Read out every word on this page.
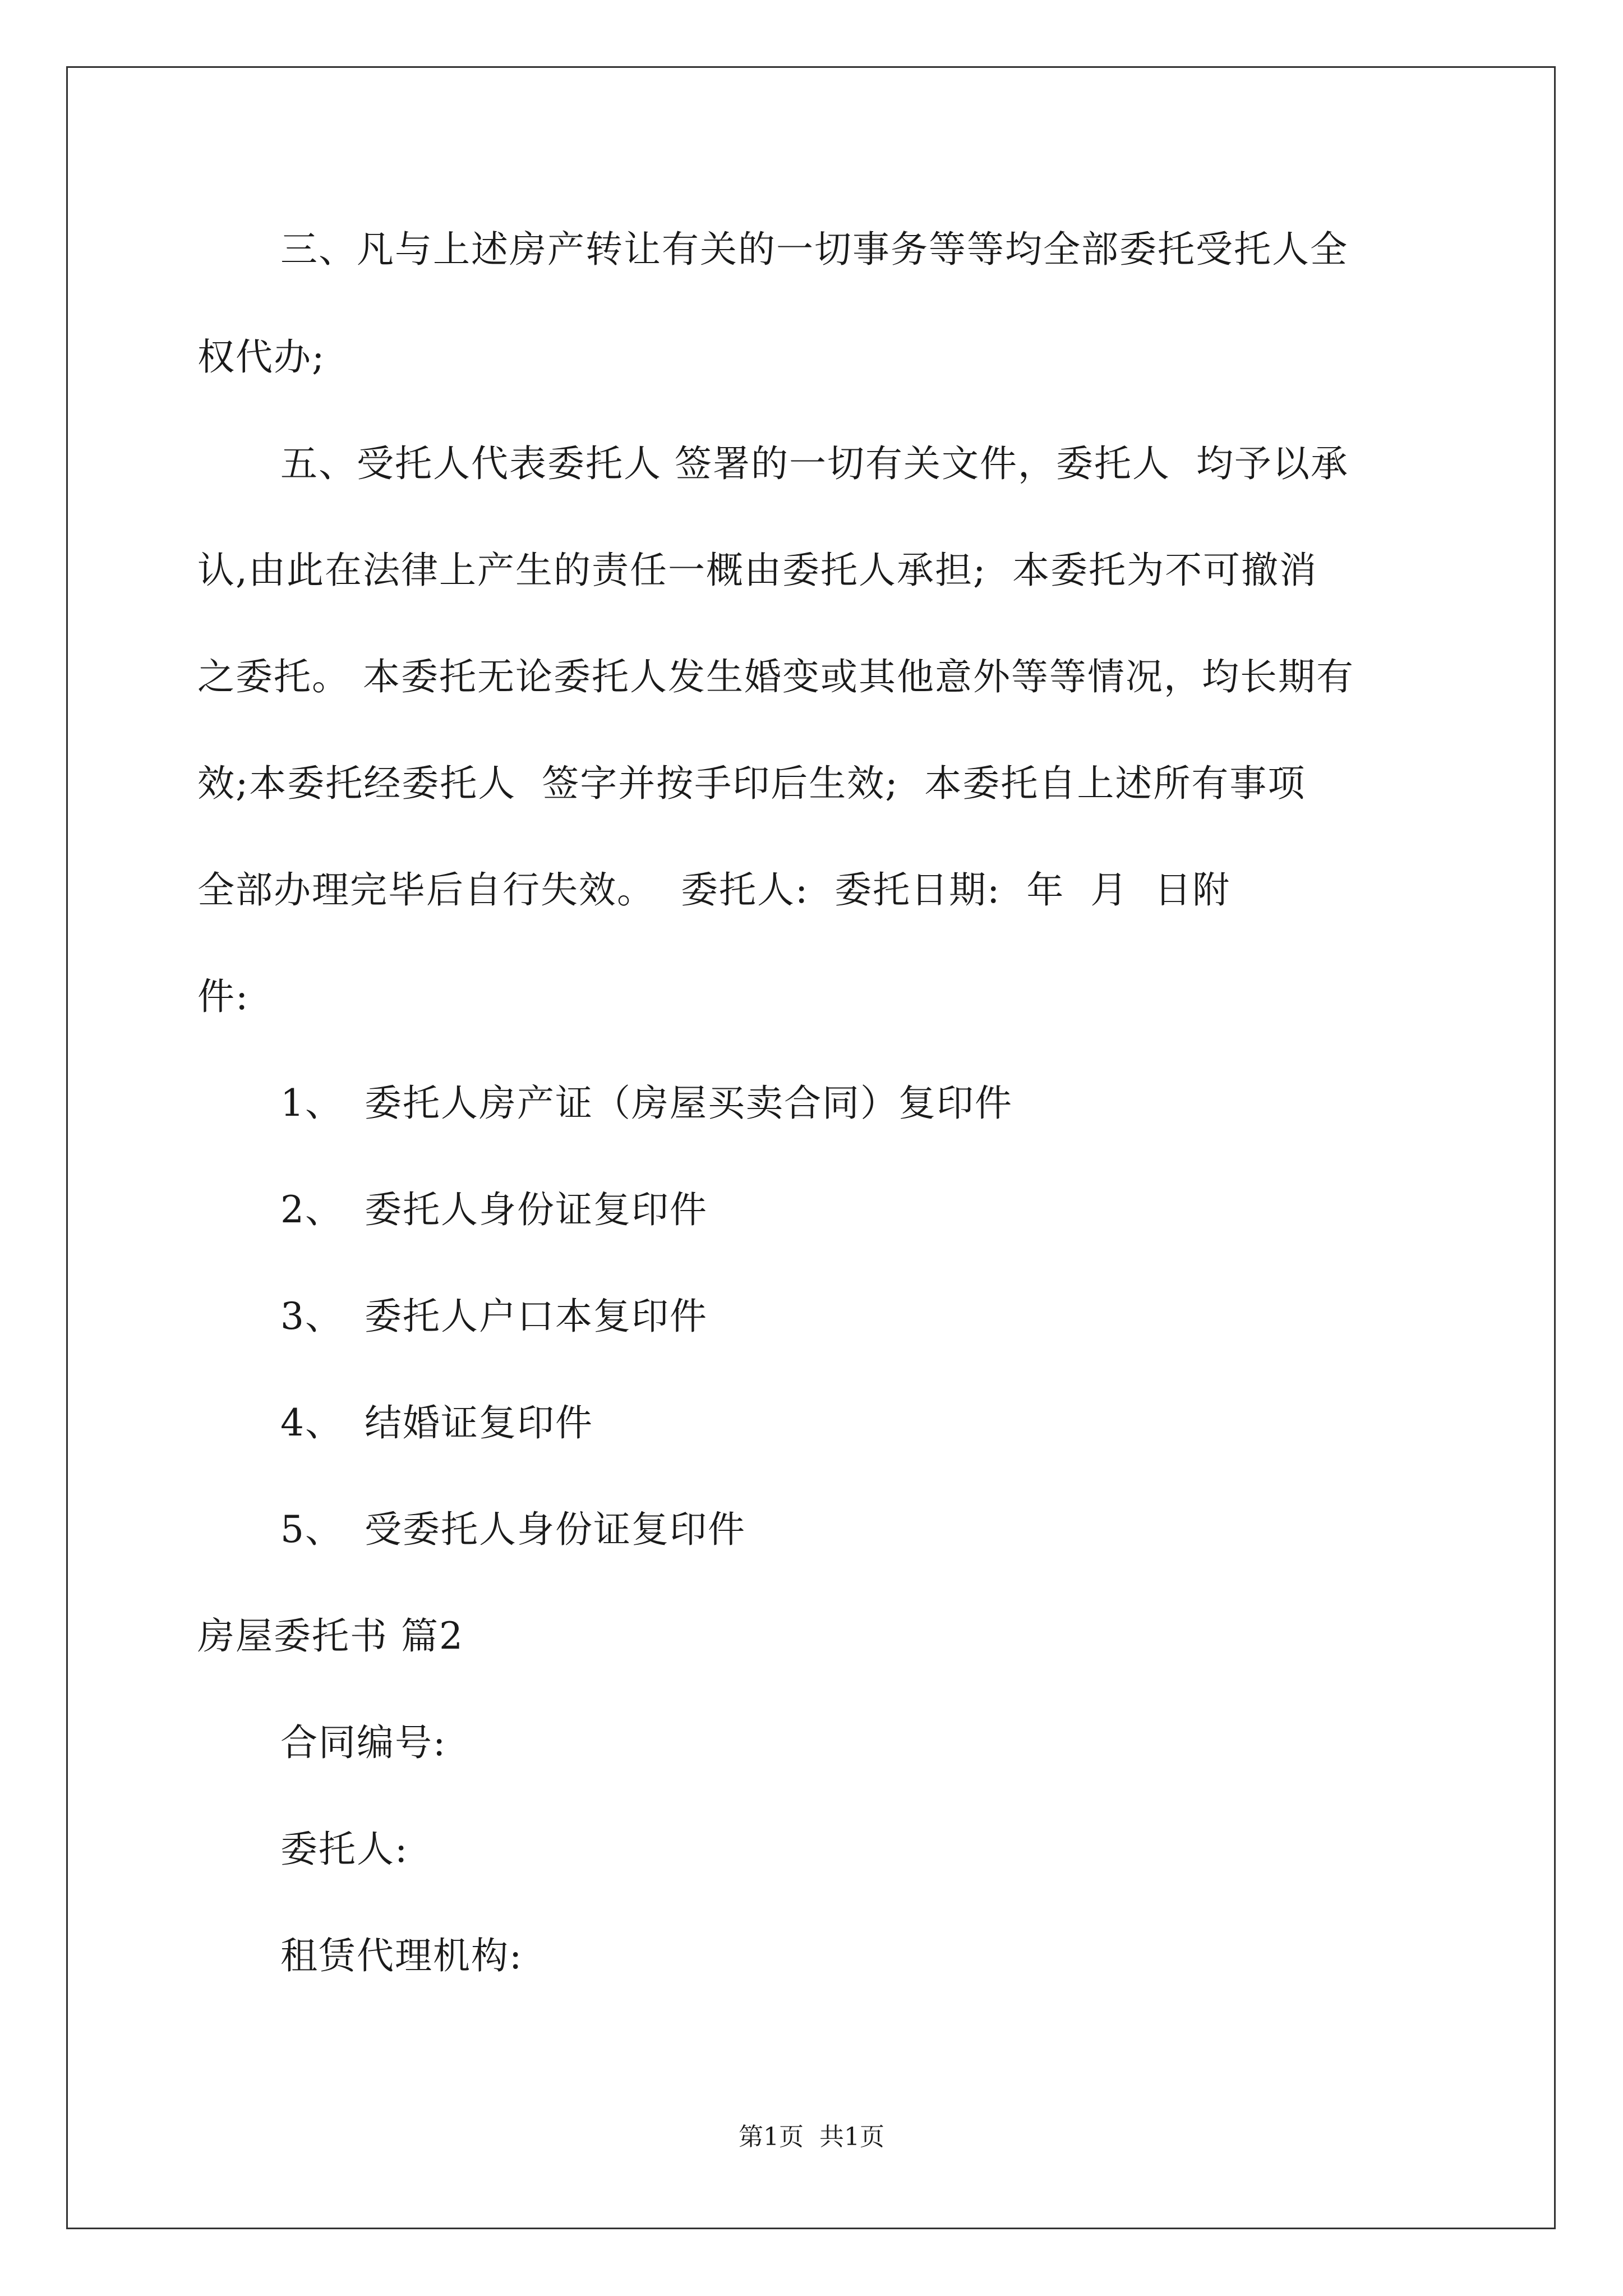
三、凡与上述房产转让有关的一切事务等等均全部委托受托人全

权代办;

五、受托人代表委托人 签署的一切有关文件，委托人  均予以承

认,由此在法律上产生的责任一概由委托人承担;  本委托为不可撤消

之委托。 本委托无论委托人发生婚变或其他意外等等情况，均长期有

效;本委托经委托人  签字并按手印后生效;  本委托自上述所有事项

全部办理完毕后自行失效。  委托人:  委托日期:  年  月  日附

件:

1、 委托人房产证（房屋买卖合同）复印件

2、 委托人身份证复印件

3、 委托人户口本复印件

4、 结婚证复印件

5、 受委托人身份证复印件

房屋委托书 篇2

合同编号:

委托人:

租赁代理机构:

第1页  共1页
